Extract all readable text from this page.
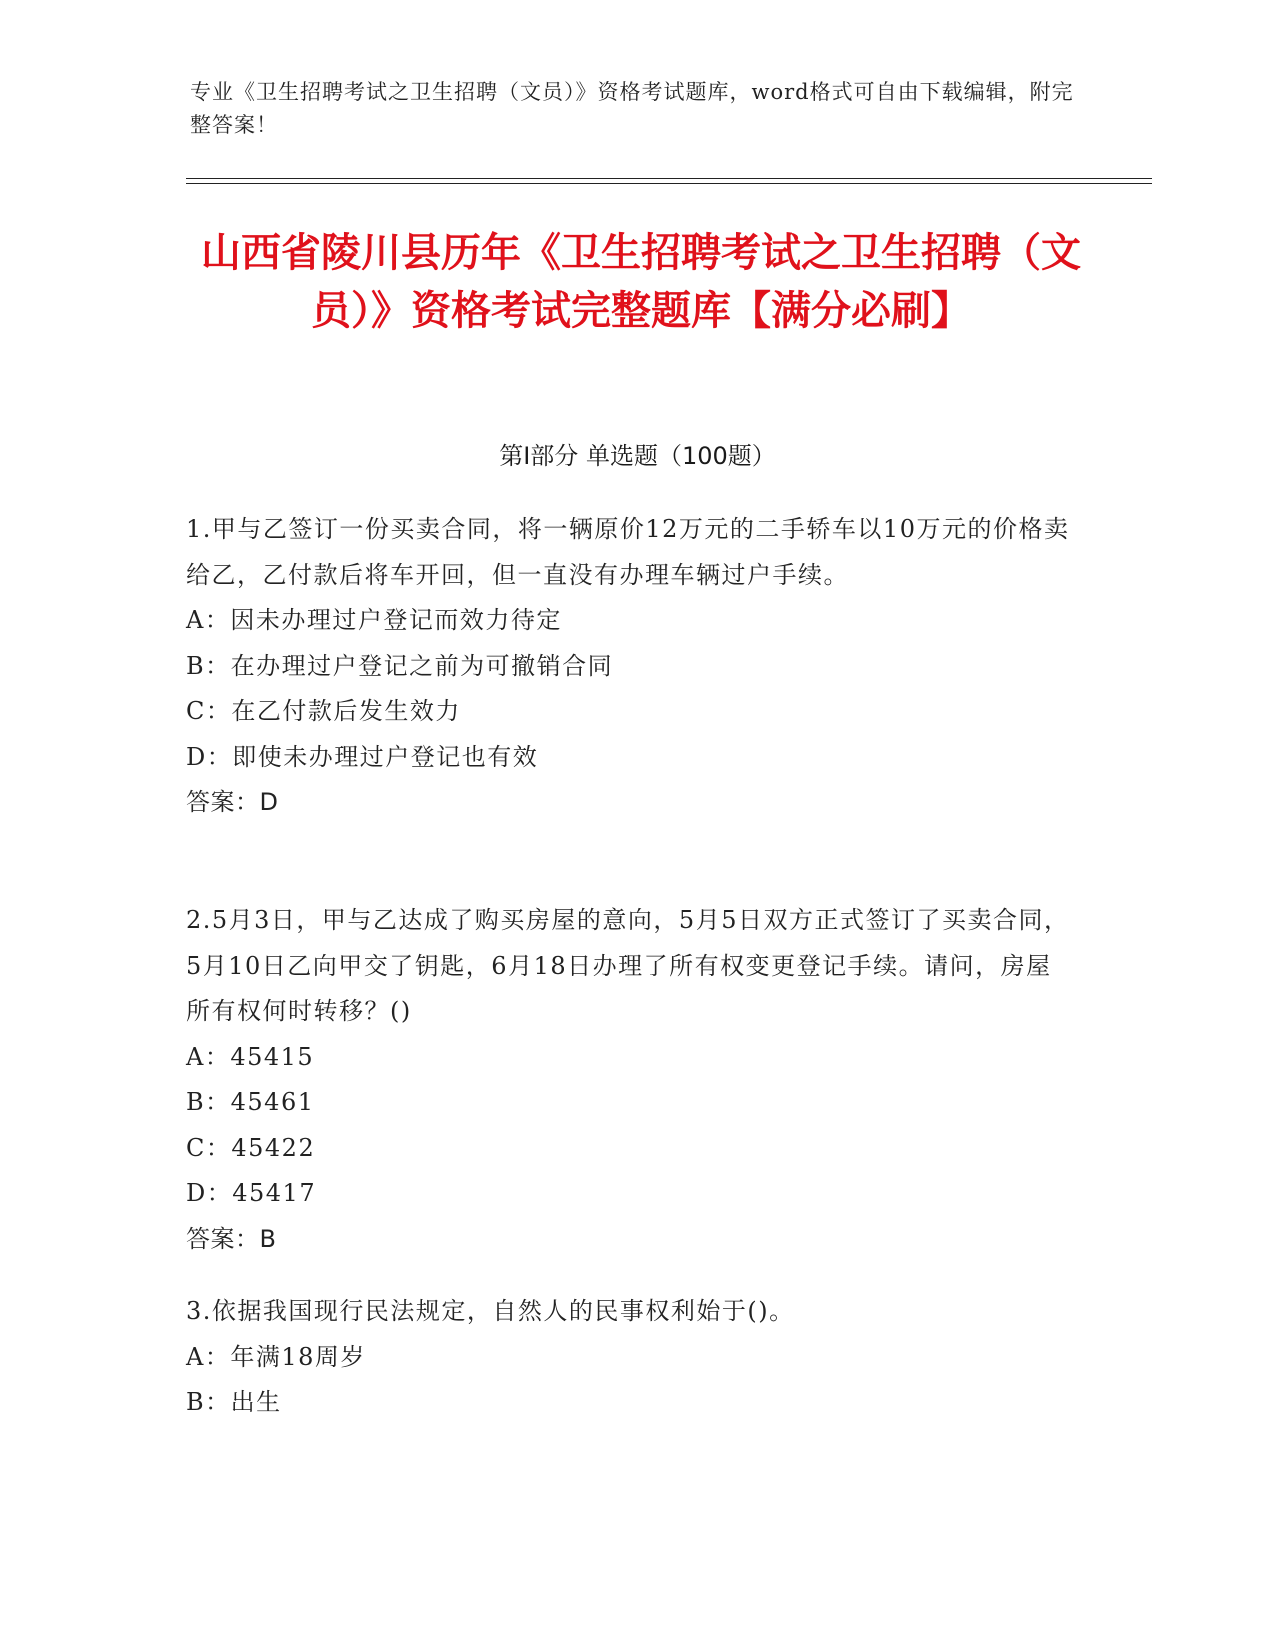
专业《卫生招聘考试之卫生招聘（文员）》资格考试题库，word格式可自由下载编辑，附完整答案！
山西省陵川县历年《卫生招聘考试之卫生招聘（文员）》资格考试完整题库【满分必刷】
第Ⅰ部分 单选题（100题）

1.甲与乙签订一份买卖合同，将一辆原价12万元的二手轿车以10万元的价格卖给乙，乙付款后将车开回，但一直没有办理车辆过户手续。

A：因未办理过户登记而效力待定

B：在办理过户登记之前为可撤销合同

C：在乙付款后发生效力

D：即使未办理过户登记也有效

答案：D

2.5月3日，甲与乙达成了购买房屋的意向，5月5日双方正式签订了买卖合同，5月10日乙向甲交了钥匙，6月18日办理了所有权变更登记手续。请问，房屋所有权何时转移？()

A：45415

B：45461

C：45422

D：45417

答案：B

3.依据我国现行民法规定，自然人的民事权利始于()。

A：年满18周岁

B：出生
